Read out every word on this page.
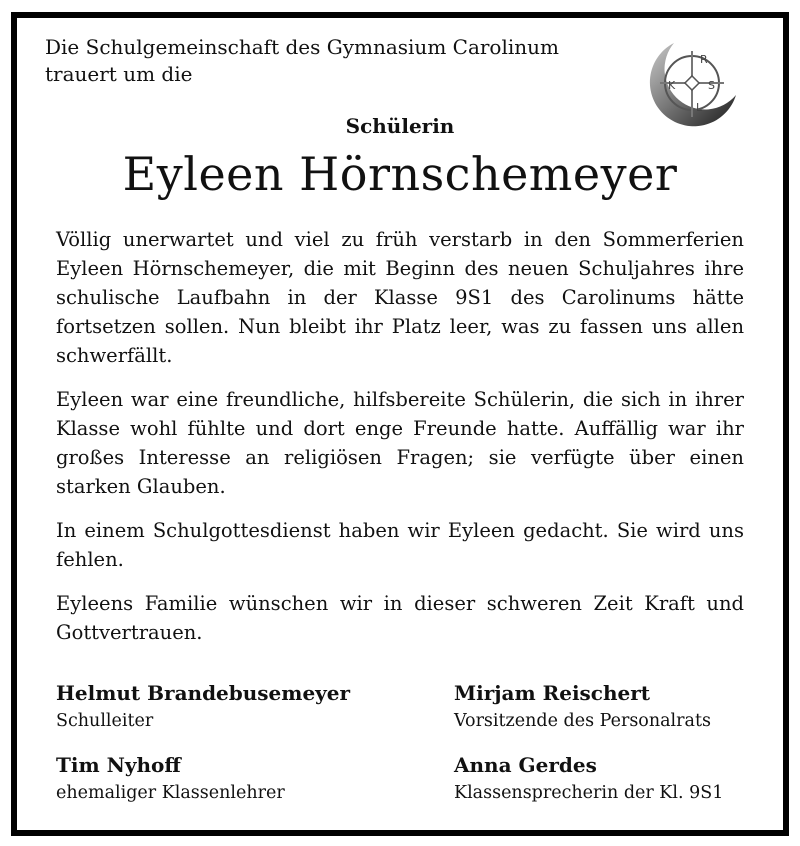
Die Schulgemeinschaft des Gymnasium Carolinum
trauert um die
R
K	S
L
Schülerin
Eyleen Hörnschemeyer

Völlig unerwartet und viel zu früh verstarb in den Sommerferien Eyleen Hörnschemeyer, die mit Beginn des neuen Schuljahres ihre schulische Laufbahn in der Klasse 9S1 des Carolinums hätte fortsetzen sollen. Nun bleibt ihr Platz leer, was zu fassen uns allen schwerfällt.

Eyleen war eine freundliche, hilfsbereite Schülerin, die sich in ihrer Klasse wohl fühlte und dort enge Freunde hatte. Auffällig war ihr großes Interesse an religiösen Fragen; sie verfügte über einen starken Glauben.

In einem Schulgottesdienst haben wir Eyleen gedacht. Sie wird uns fehlen.

Eyleens Familie wünschen wir in dieser schweren Zeit Kraft und Gottvertrauen.

Helmut Brandebusemeyer
Schulleiter
Mirjam Reischert
Vorsitzende des Personalrats
Tim Nyhoff
ehemaliger Klassenlehrer
Anna Gerdes
Klassensprecherin der Kl. 9S1
